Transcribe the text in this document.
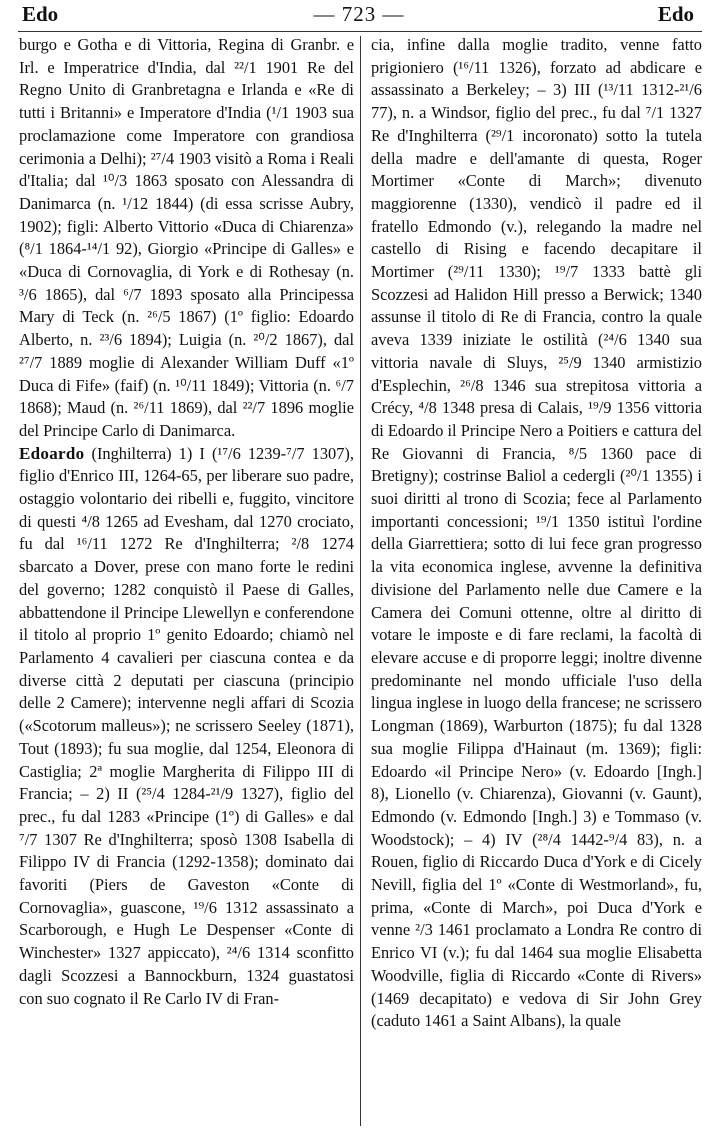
Edo	— 723 —	Edo

burgo e Gotha e di Vittoria, Regina di Granbr. e Irl. e Imperatrice d'India, dal ²²/1 1901 Re del Regno Unito di Granbretagna e Irlanda e «Re di tutti i Britanni» e Imperatore d'India (¹/1 1903 sua proclamazione come Imperatore con grandiosa cerimonia a Delhi); ²⁷/4 1903 visitò a Roma i Reali d'Italia; dal ¹⁰/3 1863 sposato con Alessandra di Danimarca (n. ¹/12 1844) (di essa scrisse Aubry, 1902); figli: Alberto Vittorio «Duca di Chiarenza» (⁸/1 1864-¹⁴/1 92), Giorgio «Principe di Galles» e «Duca di Cornovaglia, di York e di Rothesay (n. ³/6 1865), dal ⁶/7 1893 sposato alla Principessa Mary di Teck (n. ²⁶/5 1867) (1º figlio: Edoardo Alberto, n. ²³/6 1894); Luigia (n. ²⁰/2 1867), dal ²⁷/7 1889 moglie di Alexander William Duff «1º Duca di Fife» (faif) (n. ¹⁰/11 1849); Vittoria (n. ⁶/7 1868); Maud (n. ²⁶/11 1869), dal ²²/7 1896 moglie del Principe Carlo di Danimarca.

Edoardo (Inghilterra) 1) I (¹⁷/6 1239-⁷/7 1307), figlio d'Enrico III, 1264-65, per liberare suo padre, ostaggio volontario dei ribelli e, fuggito, vincitore di questi ⁴/8 1265 ad Evesham, dal 1270 crociato, fu dal ¹⁶/11 1272 Re d'Inghilterra; ²/8 1274 sbarcato a Dover, prese con mano forte le redini del governo; 1282 conquistò il Paese di Galles, abbattendone il Principe Llewellyn e conferendone il titolo al proprio 1º genito Edoardo; chiamò nel Parlamento 4 cavalieri per ciascuna contea e da diverse città 2 deputati per ciascuna (principio delle 2 Camere); intervenne negli affari di Scozia («Scotorum malleus»); ne scrissero Seeley (1871), Tout (1893); fu sua moglie, dal 1254, Eleonora di Castiglia; 2ª moglie Margherita di Filippo III di Francia; – 2) II (²⁵/4 1284-²¹/9 1327), figlio del prec., fu dal 1283 «Principe (1º) di Galles» e dal ⁷/7 1307 Re d'Inghilterra; sposò 1308 Isabella di Filippo IV di Francia (1292-1358); dominato dai favoriti (Piers de Gaveston «Conte di Cornovaglia», guascone, ¹⁹/6 1312 assassinato a Scarborough, e Hugh Le Despenser «Conte di Winchester» 1327 appiccato), ²⁴/6 1314 sconfitto dagli Scozzesi a Bannockburn, 1324 guastatosi con suo cognato il Re Carlo IV di Fran-

cia, infine dalla moglie tradito, venne fatto prigioniero (¹⁶/11 1326), forzato ad abdicare e assassinato a Berkeley; – 3) III (¹³/11 1312-²¹/6 77), n. a Windsor, figlio del prec., fu dal ⁷/1 1327 Re d'Inghilterra (²⁹/1 incoronato) sotto la tutela della madre e dell'amante di questa, Roger Mortimer «Conte di March»; divenuto maggiorenne (1330), vendicò il padre ed il fratello Edmondo (v.), relegando la madre nel castello di Rising e facendo decapitare il Mortimer (²⁹/11 1330); ¹⁹/7 1333 battè gli Scozzesi ad Halidon Hill presso a Berwick; 1340 assunse il titolo di Re di Francia, contro la quale aveva 1339 iniziate le ostilità (²⁴/6 1340 sua vittoria navale di Sluys, ²⁵/9 1340 armistizio d'Esplechin, ²⁶/8 1346 sua strepitosa vittoria a Crécy, ⁴/8 1348 presa di Calais, ¹⁹/9 1356 vittoria di Edoardo il Principe Nero a Poitiers e cattura del Re Giovanni di Francia, ⁸/5 1360 pace di Bretigny); costrinse Baliol a cedergli (²⁰/1 1355) i suoi diritti al trono di Scozia; fece al Parlamento importanti concessioni; ¹⁹/1 1350 istituì l'ordine della Giarrettiera; sotto di lui fece gran progresso la vita economica inglese, avvenne la definitiva divisione del Parlamento nelle due Camere e la Camera dei Comuni ottenne, oltre al diritto di votare le imposte e di fare reclami, la facoltà di elevare accuse e di proporre leggi; inoltre divenne predominante nel mondo ufficiale l'uso della lingua inglese in luogo della francese; ne scrissero Longman (1869), Warburton (1875); fu dal 1328 sua moglie Filippa d'Hainaut (m. 1369); figli: Edoardo «il Principe Nero» (v. Edoardo [Ingh.] 8), Lionello (v. Chiarenza), Giovanni (v. Gaunt), Edmondo (v. Edmondo [Ingh.] 3) e Tommaso (v. Woodstock); – 4) IV (²⁸/4 1442-⁹/4 83), n. a Rouen, figlio di Riccardo Duca d'York e di Cicely Nevill, figlia del 1º «Conte di Westmorland», fu, prima, «Conte di March», poi Duca d'York e venne ²/3 1461 proclamato a Londra Re contro di Enrico VI (v.); fu dal 1464 sua moglie Elisabetta Woodville, figlia di Riccardo «Conte di Rivers» (1469 decapitato) e vedova di Sir John Grey (caduto 1461 a Saint Albans), la quale
